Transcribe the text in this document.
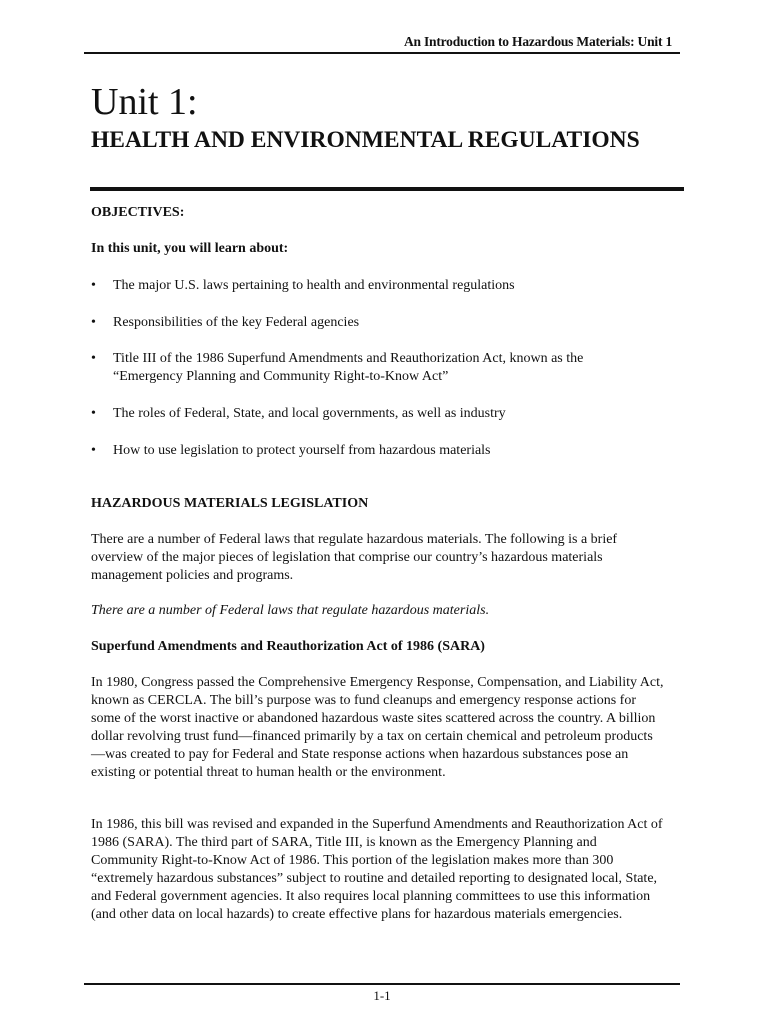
An Introduction to Hazardous Materials: Unit 1
Unit 1:
HEALTH AND ENVIRONMENTAL REGULATIONS

OBJECTIVES:

In this unit, you will learn about:

•	The major U.S. laws pertaining to health and environmental regulations
•	Responsibilities of the key Federal agencies
•	Title III of the 1986 Superfund Amendments and Reauthorization Act, known as the “Emergency Planning and Community Right-to-Know Act”
•	The roles of Federal, State, and local governments, as well as industry
•	How to use legislation to protect yourself from hazardous materials

HAZARDOUS MATERIALS LEGISLATION

There are a number of Federal laws that regulate hazardous materials. The following is a brief overview of the major pieces of legislation that comprise our country’s hazardous materials management policies and programs.

There are a number of Federal laws that regulate hazardous materials.

Superfund Amendments and Reauthorization Act of 1986 (SARA)

In 1980, Congress passed the Comprehensive Emergency Response, Compensation, and Liability Act, known as CERCLA. The bill’s purpose was to fund cleanups and emergency response actions for some of the worst inactive or abandoned hazardous waste sites scattered across the country. A billion dollar revolving trust fund—financed primarily by a tax on certain chemical and petroleum products—was created to pay for Federal and State response actions when hazardous substances pose an existing or potential threat to human health or the environment.

In 1986, this bill was revised and expanded in the Superfund Amendments and Reauthorization Act of 1986 (SARA). The third part of SARA, Title III, is known as the Emergency Planning and Community Right-to-Know Act of 1986. This portion of the legislation makes more than 300 “extremely hazardous substances” subject to routine and detailed reporting to designated local, State, and Federal government agencies. It also requires local planning committees to use this information (and other data on local hazards) to create effective plans for hazardous materials emergencies.

1-1
